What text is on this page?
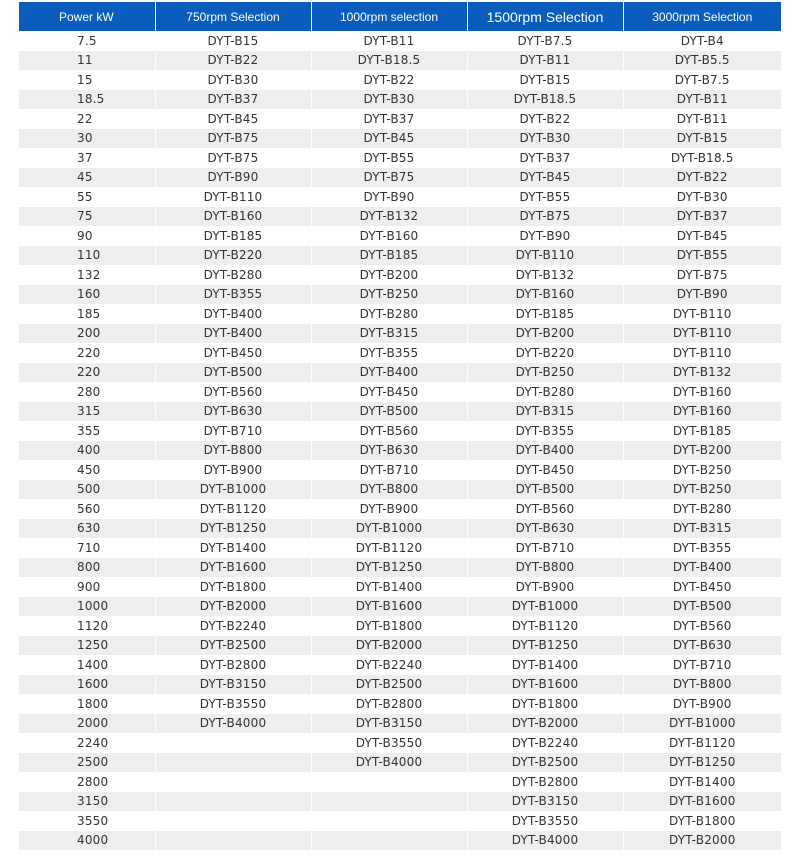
Power kW	750rpm Selection	1000rpm selection	1500rpm Selection	3000rpm Selection
7.5	DYT-B15	DYT-B11	DYT-B7.5	DYT-B4
11	DYT-B22	DYT-B18.5	DYT-B11	DYT-B5.5
15	DYT-B30	DYT-B22	DYT-B15	DYT-B7.5
18.5	DYT-B37	DYT-B30	DYT-B18.5	DYT-B11
22	DYT-B45	DYT-B37	DYT-B22	DYT-B11
30	DYT-B75	DYT-B45	DYT-B30	DYT-B15
37	DYT-B75	DYT-B55	DYT-B37	DYT-B18.5
45	DYT-B90	DYT-B75	DYT-B45	DYT-B22
55	DYT-B110	DYT-B90	DYT-B55	DYT-B30
75	DYT-B160	DYT-B132	DYT-B75	DYT-B37
90	DYT-B185	DYT-B160	DYT-B90	DYT-B45
110	DYT-B220	DYT-B185	DYT-B110	DYT-B55
132	DYT-B280	DYT-B200	DYT-B132	DYT-B75
160	DYT-B355	DYT-B250	DYT-B160	DYT-B90
185	DYT-B400	DYT-B280	DYT-B185	DYT-B110
200	DYT-B400	DYT-B315	DYT-B200	DYT-B110
220	DYT-B450	DYT-B355	DYT-B220	DYT-B110
220	DYT-B500	DYT-B400	DYT-B250	DYT-B132
280	DYT-B560	DYT-B450	DYT-B280	DYT-B160
315	DYT-B630	DYT-B500	DYT-B315	DYT-B160
355	DYT-B710	DYT-B560	DYT-B355	DYT-B185
400	DYT-B800	DYT-B630	DYT-B400	DYT-B200
450	DYT-B900	DYT-B710	DYT-B450	DYT-B250
500	DYT-B1000	DYT-B800	DYT-B500	DYT-B250
560	DYT-B1120	DYT-B900	DYT-B560	DYT-B280
630	DYT-B1250	DYT-B1000	DYT-B630	DYT-B315
710	DYT-B1400	DYT-B1120	DYT-B710	DYT-B355
800	DYT-B1600	DYT-B1250	DYT-B800	DYT-B400
900	DYT-B1800	DYT-B1400	DYT-B900	DYT-B450
1000	DYT-B2000	DYT-B1600	DYT-B1000	DYT-B500
1120	DYT-B2240	DYT-B1800	DYT-B1120	DYT-B560
1250	DYT-B2500	DYT-B2000	DYT-B1250	DYT-B630
1400	DYT-B2800	DYT-B2240	DYT-B1400	DYT-B710
1600	DYT-B3150	DYT-B2500	DYT-B1600	DYT-B800
1800	DYT-B3550	DYT-B2800	DYT-B1800	DYT-B900
2000	DYT-B4000	DYT-B3150	DYT-B2000	DYT-B1000
2240		DYT-B3550	DYT-B2240	DYT-B1120
2500		DYT-B4000	DYT-B2500	DYT-B1250
2800			DYT-B2800	DYT-B1400
3150			DYT-B3150	DYT-B1600
3550			DYT-B3550	DYT-B1800
4000			DYT-B4000	DYT-B2000
